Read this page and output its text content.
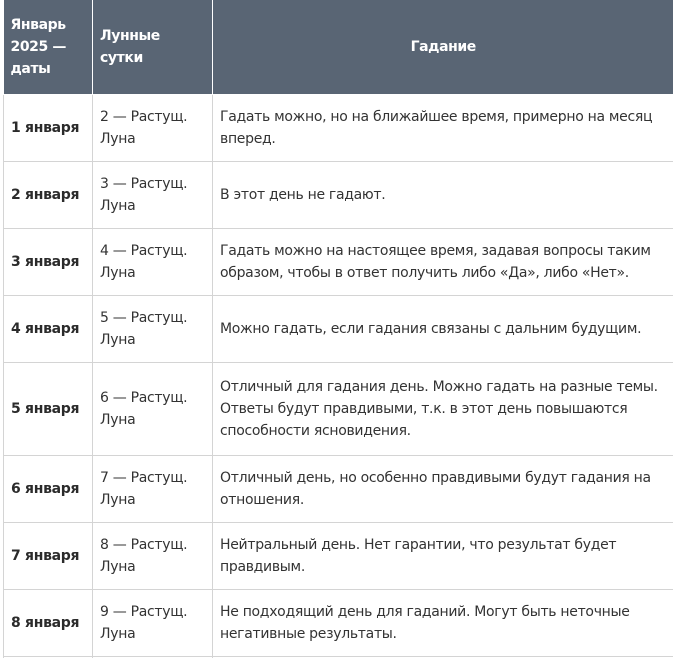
Январь 2025 — даты	Лунные сутки	Гадание
1 января	2 — Растущ. Луна	Гадать можно, но на ближайшее время, примерно на месяц вперед.
2 января	3 — Растущ. Луна	В этот день не гадают.
3 января	4 — Растущ. Луна	Гадать можно на настоящее время, задавая вопросы таким образом, чтобы в ответ получить либо «Да», либо «Нет».
4 января	5 — Растущ. Луна	Можно гадать, если гадания связаны с дальним будущим.
5 января	6 — Растущ. Луна	Отличный для гадания день. Можно гадать на разные темы. Ответы будут правдивыми, т.к. в этот день повышаются способности ясновидения.
6 января	7 — Растущ. Луна	Отличный день, но особенно правдивыми будут гадания на отношения.
7 января	8 — Растущ. Луна	Нейтральный день. Нет гарантии, что результат будет правдивым.
8 января	9 — Растущ. Луна	Не подходящий день для гаданий. Могут быть неточные негативные результаты.
